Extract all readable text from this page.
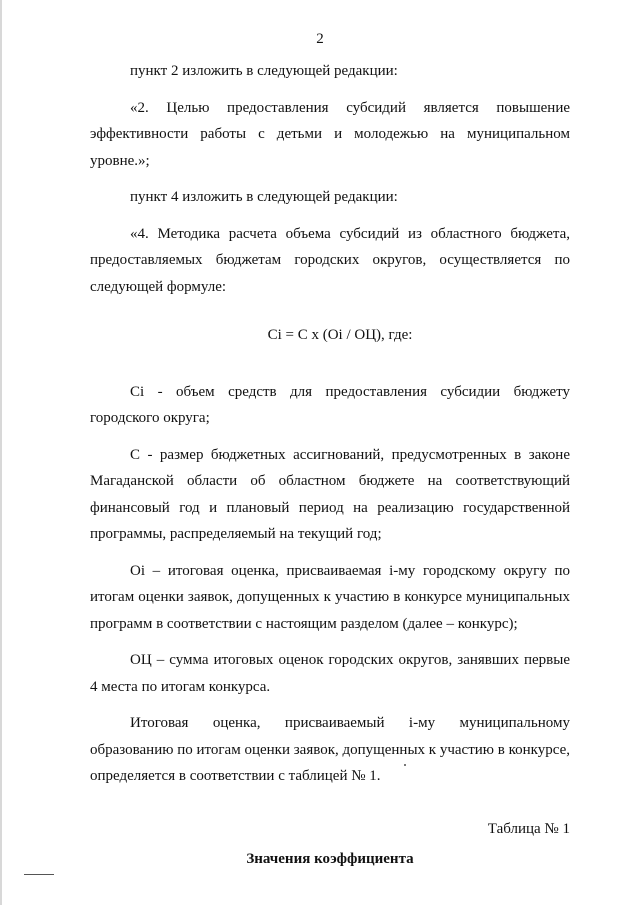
2

пункт 2 изложить в следующей редакции:

«2. Целью предоставления субсидий является повышение эффективности работы с детьми и молодежью на муниципальном уровне.»;

пункт 4 изложить в следующей редакции:

«4. Методика расчета объема субсидий из областного бюджета, предоставляемых бюджетам городских округов, осуществляется по следующей формуле:

Ci = C x (Oi / ОЦ), где:

Сi - объем средств для предоставления субсидии бюджету городского округа;

С - размер бюджетных ассигнований, предусмотренных в законе Магаданской области об областном бюджете на соответствующий финансовый год и плановый период на реализацию государственной программы, распределяемый на текущий год;

Оi – итоговая оценка, присваиваемая i-му городскому округу по итогам оценки заявок, допущенных к участию в конкурсе муниципальных программ в соответствии с настоящим разделом (далее – конкурс);

ОЦ – сумма итоговых оценок городских округов, занявших первые 4 места по итогам конкурса.

Итоговая оценка, присваиваемый i-му муниципальному образованию по итогам оценки заявок, допущенных к участию в конкурсе, определяется в соответствии с таблицей № 1.

Таблица № 1
Значения коэффициента
